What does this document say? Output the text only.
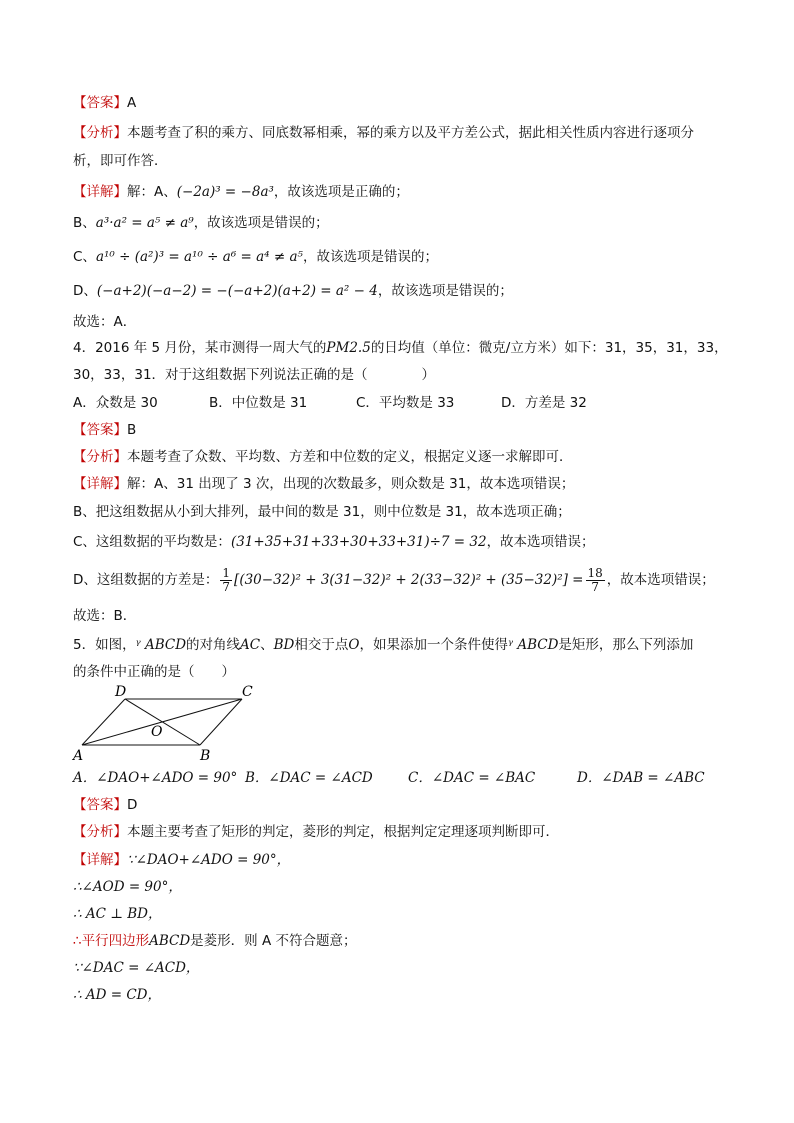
【答案】A
【分析】本题考查了积的乘方、同底数幂相乘，幂的乘方以及平方差公式，据此相关性质内容进行逐项分
析，即可作答．
【详解】解：A、(−2a)³ = −8a³，故该选项是正确的；
B、a³·a² = a⁵ ≠ a⁹，故该选项是错误的；
C、a¹⁰ ÷ (a²)³ = a¹⁰ ÷ a⁶ = a⁴ ≠ a⁵，故该选项是错误的；
D、(−a+2)(−a−2) = −(−a+2)(a+2) = a² − 4，故该选项是错误的；
故选：A．
4．2016 年 5 月份，某市测得一周大气的PM2.5的日均值（单位：微克/立方米）如下：31，35，31，33，
30，33，31．对于这组数据下列说法正确的是（　　　　）
A．众数是 30	B．中位数是 31	C．平均数是 33	D．方差是 32
【答案】B
【分析】本题考查了众数、平均数、方差和中位数的定义，根据定义逐一求解即可．
【详解】解：A、31 出现了 3 次，出现的次数最多，则众数是 31，故本选项错误；
B、把这组数据从小到大排列，最中间的数是 31，则中位数是 31，故本选项正确；
C、这组数据的平均数是：(31+35+31+33+30+33+31)÷7 = 32，故本选项错误；
D、这组数据的方差是： $\frac{1}{7} [(30-32)^2 + 3(31-32)^2 + 2(33-32)^2 + (35-32)^2] = \frac{18}{7}$ ，故本选项错误；
故选：B．
5．如图，ᵞ ABCD的对角线AC、BD相交于点O，如果添加一个条件使得ᵞ ABCD是矩形，那么下列添加
的条件中正确的是（　　）
A	B
C
D
O
A．∠DAO+∠ADO = 90° B．∠DAC = ∠ACD	C．∠DAC = ∠BAC	D．∠DAB = ∠ABC
【答案】D
【分析】本题主要考查了矩形的判定，菱形的判定，根据判定定理逐项判断即可．
【详解】∵∠DAO+∠ADO = 90°，
∴∠AOD = 90°，
∴ AC ⊥ BD，
∴平行四边形ABCD是菱形．则 A 不符合题意；
∵∠DAC = ∠ACD，
∴ AD = CD，
